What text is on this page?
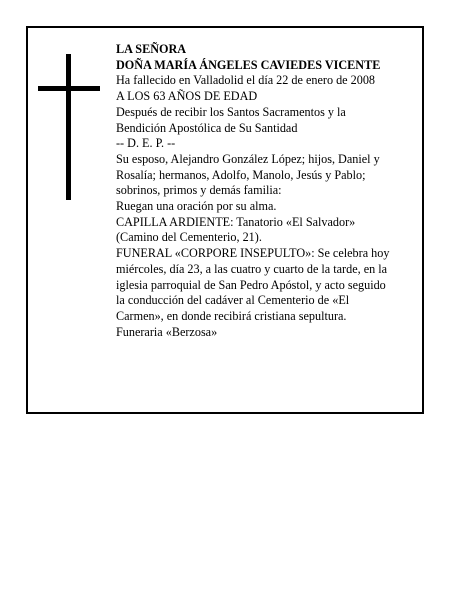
LA SEÑORA
DOÑA MARÍA ÁNGELES CAVIEDES VICENTE
Ha fallecido en Valladolid el día 22 de enero de 2008
A LOS 63 AÑOS DE EDAD
Después de recibir los Santos Sacramentos y la
Bendición Apostólica de Su Santidad
-- D. E. P. --
Su esposo, Alejandro González López; hijos, Daniel y
Rosalía; hermanos, Adolfo, Manolo, Jesús y Pablo;
sobrinos, primos y demás familia:
Ruegan una oración por su alma.
CAPILLA ARDIENTE: Tanatorio «El Salvador»
(Camino del Cementerio, 21).
FUNERAL «CORPORE INSEPULTO»: Se celebra hoy
miércoles, día 23, a las cuatro y cuarto de la tarde, en la
iglesia parroquial de San Pedro Apóstol, y acto seguido
la conducción del cadáver al Cementerio de «El
Carmen», en donde recibirá cristiana sepultura.
Funeraria «Berzosa»
